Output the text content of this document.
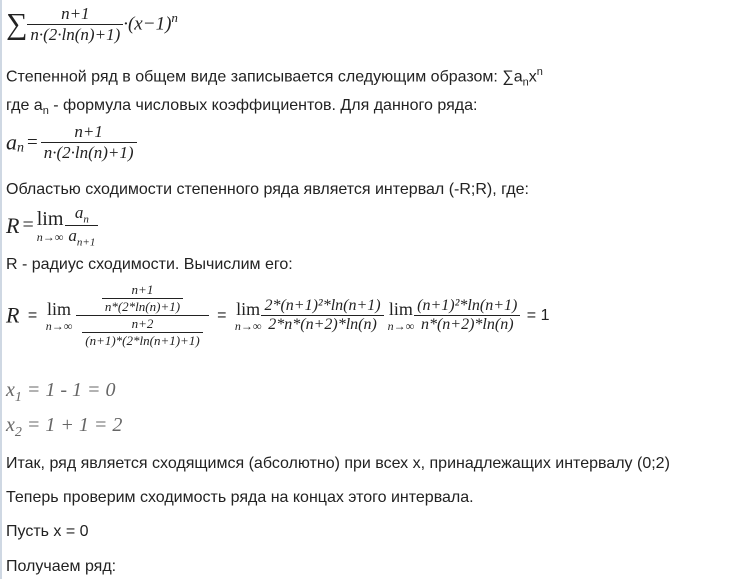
∑ $\frac{n+1}{n\cdot(2\cdot\ln(n)+1)} \cdot(x-1)^n$
Степенной ряд в общем виде записывается следующим образом: $\sum a_nx^n$
где $a_n$ - формула числовых коэффициентов. Для данного ряда:
$a_n = \frac{n+1}{n\cdot(2\cdot\ln(n)+1)}$
Областью сходимости степенного ряда является интервал (-R;R), где:
R = lim
$n\to\infty \frac{a_n}{a_{n+1}}$
R - радиус сходимости. Вычислим его:
R = lim
$n\to\infty \frac{\frac{n+1}{n*(2*\ln(n)+1)}}{\frac{n+2}{(n+1)*(2*\ln(n+1)+1)}} = \lim$
$n\to\infty \frac{\text{2*(n+1)²*ln(n+1)}}{2*n*(n+2)*\ln(n)}$ lim
$n\to\infty \frac{\text{(n+1)²*ln(n+1)}}{n*(n+2)*\ln(n)} = 1$
$x_1 = 1 - 1 = 0$
$x_2 = 1 + 1 = 2$
Итак, ряд является сходящимся (абсолютно) при всех x, принадлежащих интервалу (0;2)
Теперь проверим сходимость ряда на концах этого интервала.
Пусть x = 0
Получаем ряд:
